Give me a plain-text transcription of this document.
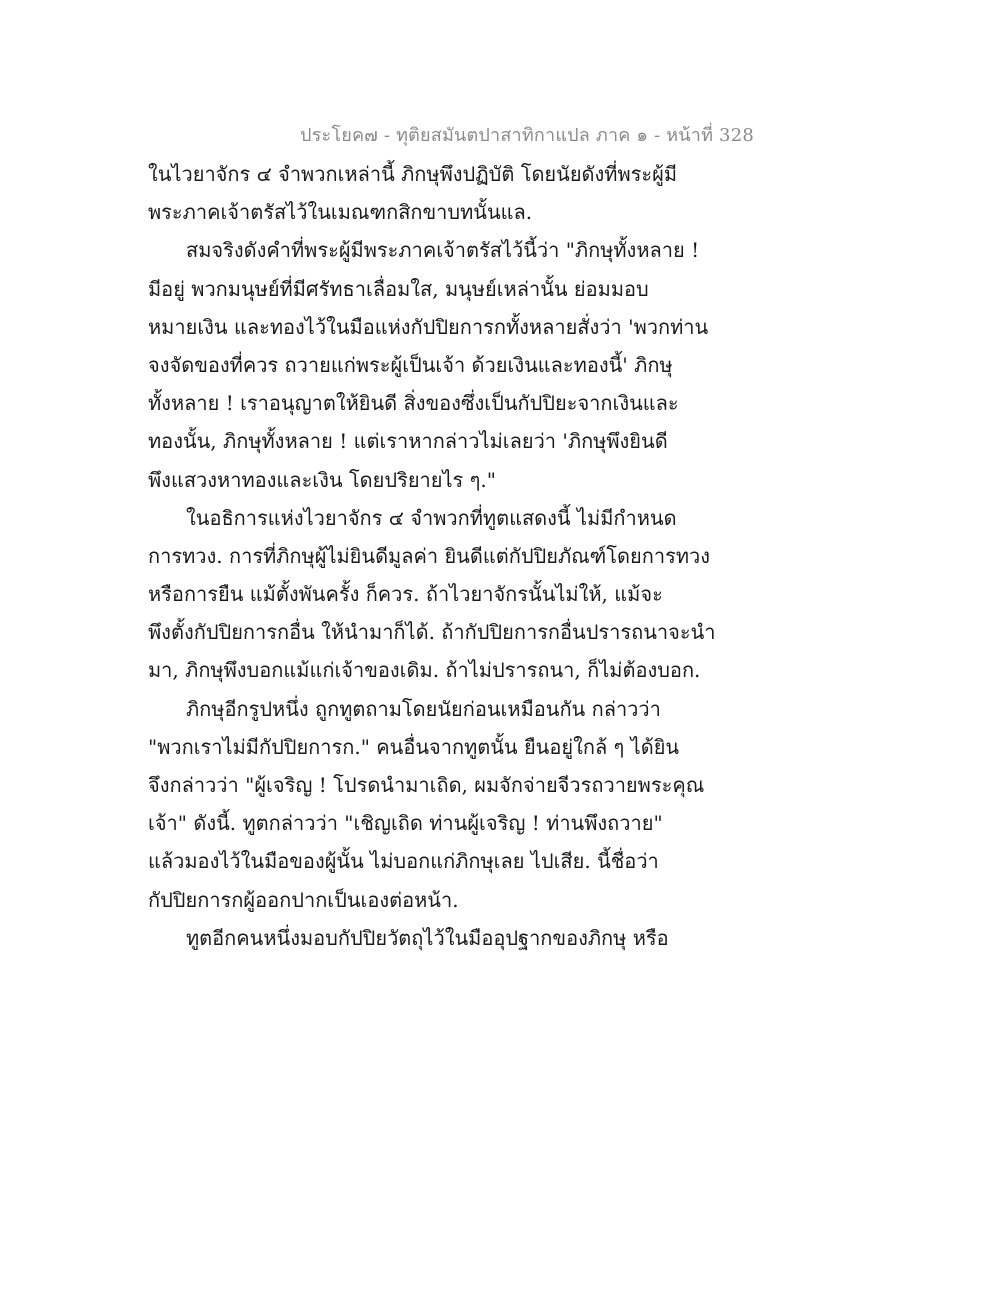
ประโยค๗ - ทุติยสมันตปาสาทิกาแปล ภาค ๑ - หน้าที่ 328
ในไวยาจักร ๔ จำพวกเหล่านี้ ภิกษุพึงปฏิบัติ โดยนัยดังที่พระผู้มี
พระภาคเจ้าตรัสไว้ในเมณฑกสิกขาบทนั้นแล.
สมจริงดังคำที่พระผู้มีพระภาคเจ้าตรัสไว้นี้ว่า "ภิกษุทั้งหลาย !
มีอยู่ พวกมนุษย์ที่มีศรัทธาเลื่อมใส, มนุษย์เหล่านั้น ย่อมมอบ
หมายเงิน และทองไว้ในมือแห่งกัปปิยการกทั้งหลายสั่งว่า 'พวกท่าน
จงจัดของที่ควร ถวายแก่พระผู้เป็นเจ้า ด้วยเงินและทองนี้' ภิกษุ
ทั้งหลาย ! เราอนุญาตให้ยินดี สิ่งของซึ่งเป็นกัปปิยะจากเงินและ
ทองนั้น, ภิกษุทั้งหลาย ! แต่เราหากล่าวไม่เลยว่า 'ภิกษุพึงยินดี
พึงแสวงหาทองและเงิน โดยปริยายไร ๆ."
ในอธิการแห่งไวยาจักร ๔ จำพวกที่ทูตแสดงนี้ ไม่มีกำหนด
การทวง. การที่ภิกษุผู้ไม่ยินดีมูลค่า ยินดีแต่กัปปิยภัณฑ์โดยการทวง
หรือการยืน แม้ตั้งพันครั้ง ก็ควร. ถ้าไวยาจักรนั้นไม่ให้, แม้จะ
พึงตั้งกัปปิยการกอื่น ให้นำมาก็ได้. ถ้ากัปปิยการกอื่นปรารถนาจะนำ
มา, ภิกษุพึงบอกแม้แก่เจ้าของเดิม. ถ้าไม่ปรารถนา, ก็ไม่ต้องบอก.
ภิกษุอีกรูปหนึ่ง ถูกทูตถามโดยนัยก่อนเหมือนกัน กล่าวว่า
"พวกเราไม่มีกัปปิยการก." คนอื่นจากทูตนั้น ยืนอยู่ใกล้ ๆ ได้ยิน
จึงกล่าวว่า "ผู้เจริญ ! โปรดนำมาเถิด, ผมจักจ่ายจีวรถวายพระคุณ
เจ้า" ดังนี้. ทูตกล่าวว่า "เชิญเถิด ท่านผู้เจริญ ! ท่านพึงถวาย"
แล้วมองไว้ในมือของผู้นั้น ไม่บอกแก่ภิกษุเลย ไปเสีย. นี้ชื่อว่า
กัปปิยการกผู้ออกปากเป็นเองต่อหน้า.
ทูตอีกคนหนึ่งมอบกัปปิยวัตถุไว้ในมืออุปฐากของภิกษุ หรือ
